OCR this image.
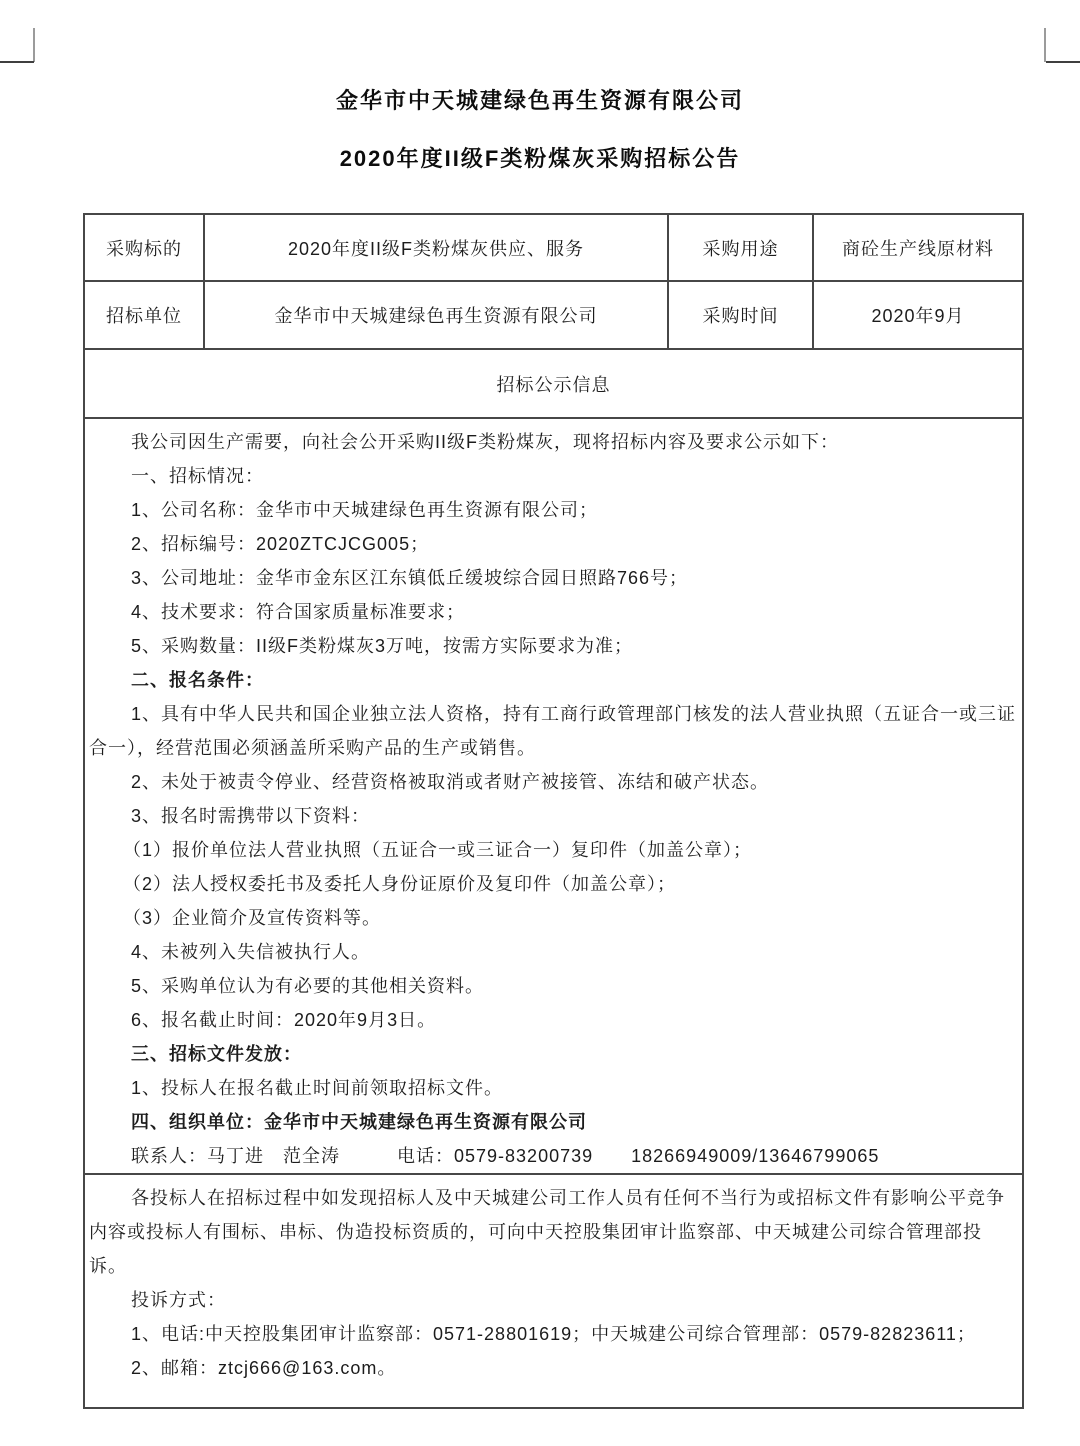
金华市中天城建绿色再生资源有限公司
2020年度II级F类粉煤灰采购招标公告
采购标的	2020年度II级F类粉煤灰供应、服务	采购用途	商砼生产线原材料
招标单位	金华市中天城建绿色再生资源有限公司	采购时间	2020年9月
招标公示信息			

我公司因生产需要，向社会公开采购II级F类粉煤灰，现将招标内容及要求公示如下：

一、招标情况：

1、公司名称：金华市中天城建绿色再生资源有限公司；

2、招标编号：2020ZTCJCG005；

3、公司地址：金华市金东区江东镇低丘缓坡综合园日照路766号；

4、技术要求：符合国家质量标准要求；

5、采购数量：II级F类粉煤灰3万吨，按需方实际要求为准；

二、报名条件：

1、具有中华人民共和国企业独立法人资格，持有工商行政管理部门核发的法人营业执照（五证合一或三证合一），经营范围必须涵盖所采购产品的生产或销售。

2、未处于被责令停业、经营资格被取消或者财产被接管、冻结和破产状态。

3、报名时需携带以下资料：

（1）报价单位法人营业执照（五证合一或三证合一）复印件（加盖公章）；

（2）法人授权委托书及委托人身份证原价及复印件（加盖公章）；

（3）企业简介及宣传资料等。

4、未被列入失信被执行人。

5、采购单位认为有必要的其他相关资料。

6、报名截止时间：2020年9月3日。

三、招标文件发放：

1、投标人在报名截止时间前领取招标文件。

四、组织单位：金华市中天城建绿色再生资源有限公司

联系人：马丁进　范全涛　　　电话：0579-83200739　　18266949009/13646799065

各投标人在招标过程中如发现招标人及中天城建公司工作人员有任何不当行为或招标文件有影响公平竞争内容或投标人有围标、串标、伪造投标资质的，可向中天控股集团审计监察部、中天城建公司综合管理部投诉。

投诉方式：

1、电话:中天控股集团审计监察部：0571-28801619；中天城建公司综合管理部：0579-82823611；

2、邮箱：ztcj666@163.com。			
